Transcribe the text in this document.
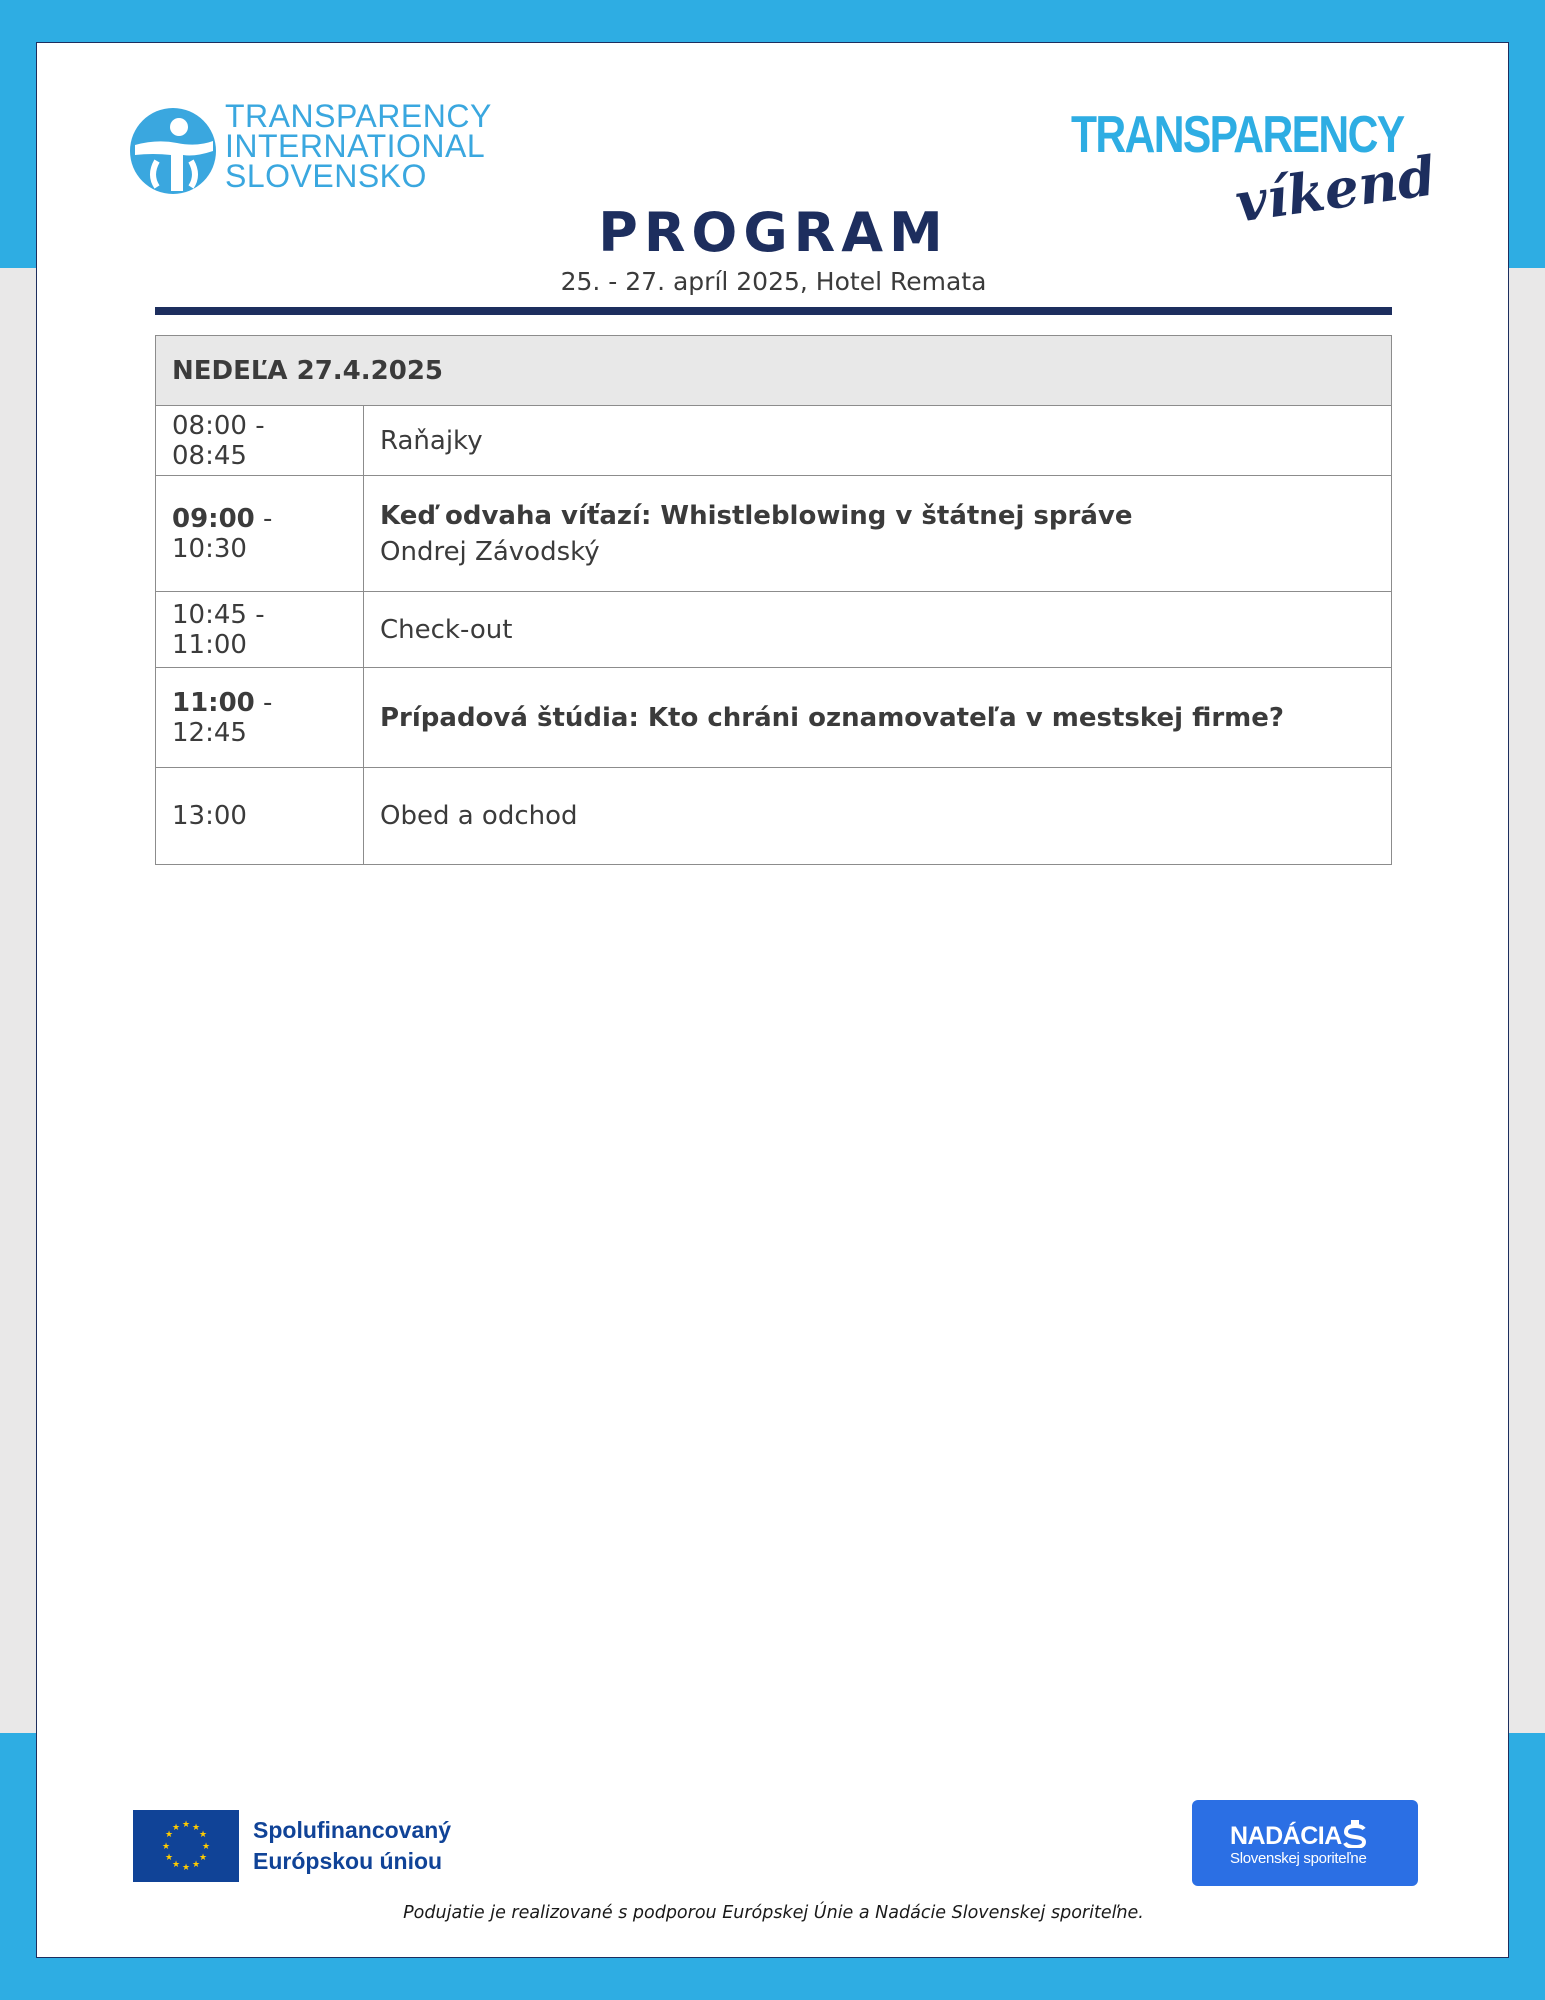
TRANSPARENCY
INTERNATIONAL
SLOVENSKO
TRANSPARENCY
víkend
PROGRAM
25. - 27. apríl 2025, Hotel Remata
NEDEĽA 27.4.2025	
08:00 - 08:45	Raňajky
09:00 - 10:30	Keď odvaha víťazí: Whistleblowing v štátnej správe
Ondrej Závodský

10:45 - 11:00	Check-out
11:00 - 12:45	Prípadová štúdia: Kto chráni oznamovateľa v mestskej firme?
13:00	Obed a odchod
★ ★
★
★
★
★
★
★
★
★
★
★	Spolufinancovaný
Európskou úniou
NADÁCIA
Slovenskej sporiteľne
Podujatie je realizované s podporou Európskej Únie a Nadácie Slovenskej sporiteľne.
